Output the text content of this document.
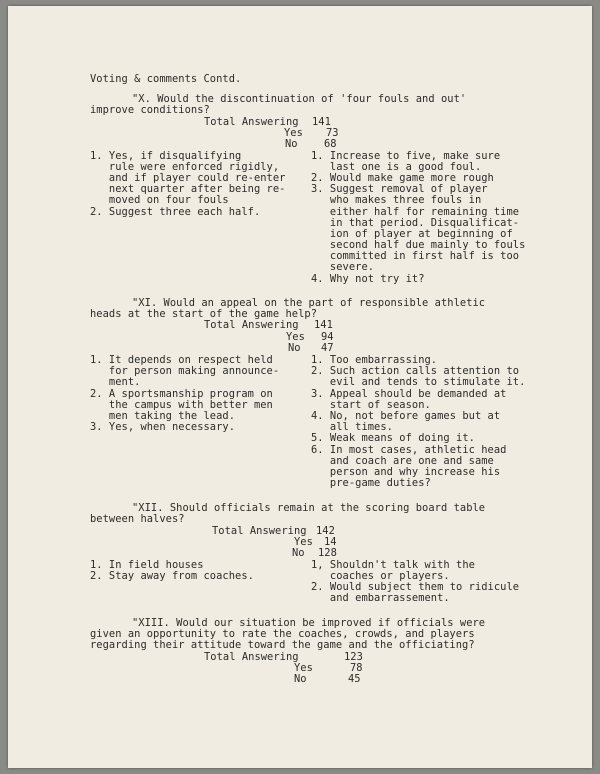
Voting & comments Contd.
"X. Would the discontinuation of 'four fouls and out'
improve conditions?
Total Answering 141
Yes 73
No	68
1. Yes, if disqualifying
rule were enforced rigidly,
and if player could re-enter
next quarter after being re-
moved on four fouls
2. Suggest three each half.
1. Increase to five, make sure
last one is a good foul.
2. Would make game more rough
3. Suggest removal of player
who makes three fouls in
either half for remaining time
in that period. Disqualificat-
ion of player at beginning of
second half due mainly to fouls
committed in first half is too
severe.
4. Why not try it?
"XI. Would an appeal on the part of responsible athletic
heads at the start of the game help?
Total Answering 141
Yes 94
No 47
1. It depends on respect held
for person making announce-
ment.
2. A sportsmanship program on
the campus with better men
men taking the lead.
3. Yes, when necessary.
1. Too embarrassing.
2. Such action calls attention to
evil and tends to stimulate it.
3. Appeal should be demanded at
start of season.
4. No, not before games but at
all times.
5. Weak means of doing it.
6. In most cases, athletic head
and coach are one and same
person and why increase his
pre-game duties?
"XII. Should officials remain at the scoring board table
between halves?
Total Answering 142
Yes 14
No 128
1. In field houses
2. Stay away from coaches.
1, Shouldn't talk with the
coaches or players.
2. Would subject them to ridicule
and embarrassement.
"XIII. Would our situation be improved if officials were
given an opportunity to rate the coaches, crowds, and players
regarding their attitude toward the game and the officiating?
Total Answering	123
Yes	78
No	45
